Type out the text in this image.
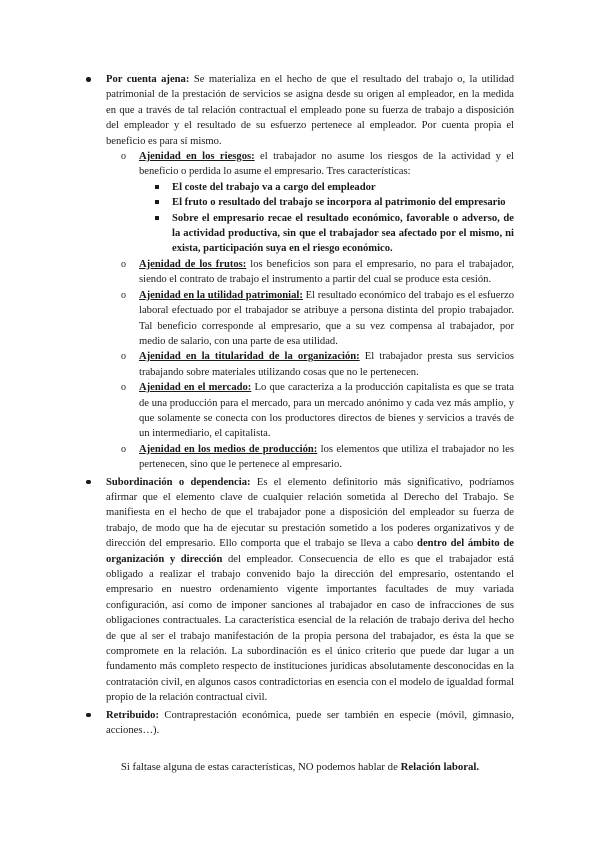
Por cuenta ajena: Se materializa en el hecho de que el resultado del trabajo o, la utilidad patrimonial de la prestación de servicios se asigna desde su origen al empleador, en la medida en que a través de tal relación contractual el empleado pone su fuerza de trabajo a disposición del empleador y el resultado de su esfuerzo pertenece al empleador. Por cuenta propia el beneficio es para sí mismo.
o Ajenidad en los riesgos: el trabajador no asume los riesgos de la actividad y el beneficio o perdida lo asume el empresario. Tres características:
El coste del trabajo va a cargo del empleador
El fruto o resultado del trabajo se incorpora al patrimonio del empresario
Sobre el empresario recae el resultado económico, favorable o adverso, de la actividad productiva, sin que el trabajador sea afectado por el mismo, ni exista, participación suya en el riesgo económico.
o Ajenidad de los frutos: los beneficios son para el empresario, no para el trabajador, siendo el contrato de trabajo el instrumento a partir del cual se produce esta cesión.
o Ajenidad en la utilidad patrimonial: El resultado económico del trabajo es el esfuerzo laboral efectuado por el trabajador se atribuye a persona distinta del propio trabajador. Tal beneficio corresponde al empresario, que a su vez compensa al trabajador, por medio de salario, con una parte de esa utilidad.
o Ajenidad en la titularidad de la organización: El trabajador presta sus servicios trabajando sobre materiales utilizando cosas que no le pertenecen.
o Ajenidad en el mercado: Lo que caracteriza a la producción capitalista es que se trata de una producción para el mercado, para un mercado anónimo y cada vez más amplio, y que solamente se conecta con los productores directos de bienes y servicios a través de un intermediario, el capitalista.
o Ajenidad en los medios de producción: los elementos que utiliza el trabajador no les pertenecen, sino que le pertenece al empresario.
Subordinación o dependencia: Es el elemento definitorio más significativo, podríamos afirmar que el elemento clave de cualquier relación sometida al Derecho del Trabajo. Se manifiesta en el hecho de que el trabajador pone a disposición del empleador su fuerza de trabajo, de modo que ha de ejecutar su prestación sometido a los poderes organizativos y de dirección del empresario. Ello comporta que el trabajo se lleva a cabo dentro del ámbito de organización y dirección del empleador. Consecuencia de ello es que el trabajador está obligado a realizar el trabajo convenido bajo la dirección del empresario, ostentando el empresario en nuestro ordenamiento vigente importantes facultades de muy variada configuración, así como de imponer sanciones al trabajador en caso de infracciones de sus obligaciones contractuales. La característica esencial de la relación de trabajo deriva del hecho de que al ser el trabajo manifestación de la propia persona del trabajador, es ésta la que se compromete en la relación. La subordinación es el único criterio que puede dar lugar a un fundamento más completo respecto de instituciones jurídicas absolutamente desconocidas en la contratación civil, en algunos casos contradictorias en esencia con el modelo de igualdad formal propio de la relación contractual civil.
Retribuido: Contraprestación económica, puede ser también en especie (móvil, gimnasio, acciones…).
Si faltase alguna de estas características, NO podemos hablar de Relación laboral.
